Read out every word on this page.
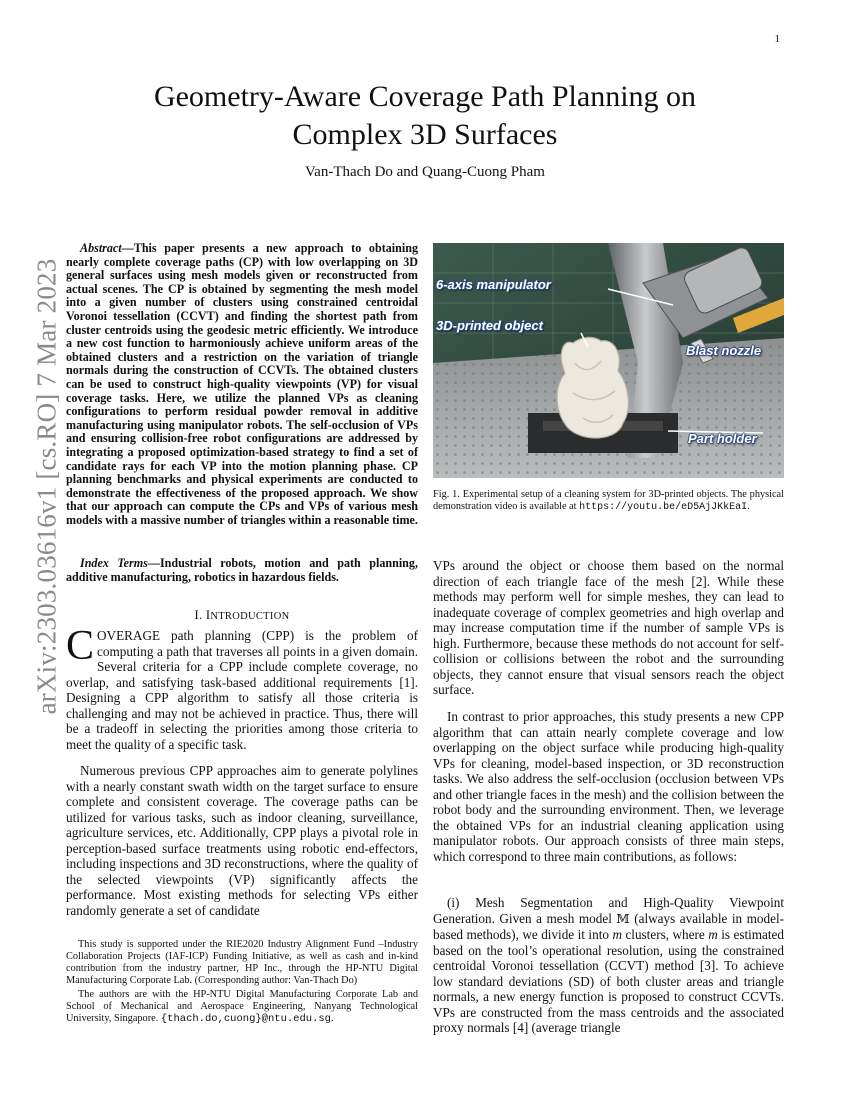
1
arXiv:2303.03616v1 [cs.RO] 7 Mar 2023
Geometry-Aware Coverage Path Planning on
Complex 3D Surfaces
Van-Thach Do and Quang-Cuong Pham

Abstract—This paper presents a new approach to obtaining nearly complete coverage paths (CP) with low overlapping on 3D general surfaces using mesh models given or reconstructed from actual scenes. The CP is obtained by segmenting the mesh model into a given number of clusters using constrained centroidal Voronoi tessellation (CCVT) and finding the shortest path from cluster centroids using the geodesic metric efficiently. We introduce a new cost function to harmoniously achieve uniform areas of the obtained clusters and a restriction on the variation of triangle normals during the construction of CCVTs. The obtained clusters can be used to construct high-quality viewpoints (VP) for visual coverage tasks. Here, we utilize the planned VPs as cleaning configurations to perform residual powder removal in additive manufacturing using manipulator robots. The self-occlusion of VPs and ensuring collision-free robot configurations are addressed by integrating a proposed optimization-based strategy to find a set of candidate rays for each VP into the motion planning phase. CP planning benchmarks and physical experiments are conducted to demonstrate the effectiveness of the proposed approach. We show that our approach can compute the CPs and VPs of various mesh models with a massive number of triangles within a reasonable time.

Index Terms—Industrial robots, motion and path planning, additive manufacturing, robotics in hazardous fields.

I. INTRODUCTION

COVERAGE path planning (CPP) is the problem of computing a path that traverses all points in a given domain. Several criteria for a CPP include complete coverage, no overlap, and satisfying task-based additional requirements [1]. Designing a CPP algorithm to satisfy all those criteria is challenging and may not be achieved in practice. Thus, there will be a tradeoff in selecting the priorities among those criteria to meet the quality of a specific task.

Numerous previous CPP approaches aim to generate polylines with a nearly constant swath width on the target surface to ensure complete and consistent coverage. The coverage paths can be utilized for various tasks, such as indoor cleaning, surveillance, agriculture services, etc. Additionally, CPP plays a pivotal role in perception-based surface treatments using robotic end-effectors, including inspections and 3D reconstructions, where the quality of the selected viewpoints (VP) significantly affects the performance. Most existing methods for selecting VPs either randomly generate a set of candidate

This study is supported under the RIE2020 Industry Alignment Fund –Industry Collaboration Projects (IAF-ICP) Funding Initiative, as well as cash and in-kind contribution from the industry partner, HP Inc., through the HP-NTU Digital Manufacturing Corporate Lab. (Corresponding author: Van-Thach Do)

The authors are with the HP-NTU Digital Manufacturing Corporate Lab and School of Mechanical and Aerospace Engineering, Nanyang Technological University, Singapore. {thach.do,cuong}@ntu.edu.sg.

6-axis manipulator
3D-printed object
Blast nozzle
Part holder

Fig. 1. Experimental setup of a cleaning system for 3D-printed objects. The physical demonstration video is available at https://youtu.be/eD5AjJKkEaI.

VPs around the object or choose them based on the normal direction of each triangle face of the mesh [2]. While these methods may perform well for simple meshes, they can lead to inadequate coverage of complex geometries and high overlap and may increase computation time if the number of sample VPs is high. Furthermore, because these methods do not account for self-collision or collisions between the robot and the surrounding objects, they cannot ensure that visual sensors reach the object surface.

In contrast to prior approaches, this study presents a new CPP algorithm that can attain nearly complete coverage and low overlapping on the object surface while producing high-quality VPs for cleaning, model-based inspection, or 3D reconstruction tasks. We also address the self-occlusion (occlusion between VPs and other triangle faces in the mesh) and the collision between the robot body and the surrounding environment. Then, we leverage the obtained VPs for an industrial cleaning application using manipulator robots. Our approach consists of three main steps, which correspond to three main contributions, as follows:

(i) Mesh Segmentation and High-Quality Viewpoint Generation. Given a mesh model 𝕄 (always available in model-based methods), we divide it into m clusters, where m is estimated based on the tool’s operational resolution, using the constrained centroidal Voronoi tessellation (CCVT) method [3]. To achieve low standard deviations (SD) of both cluster areas and triangle normals, a new energy function is proposed to construct CCVTs. VPs are constructed from the mass centroids and the associated proxy normals [4] (average triangle
